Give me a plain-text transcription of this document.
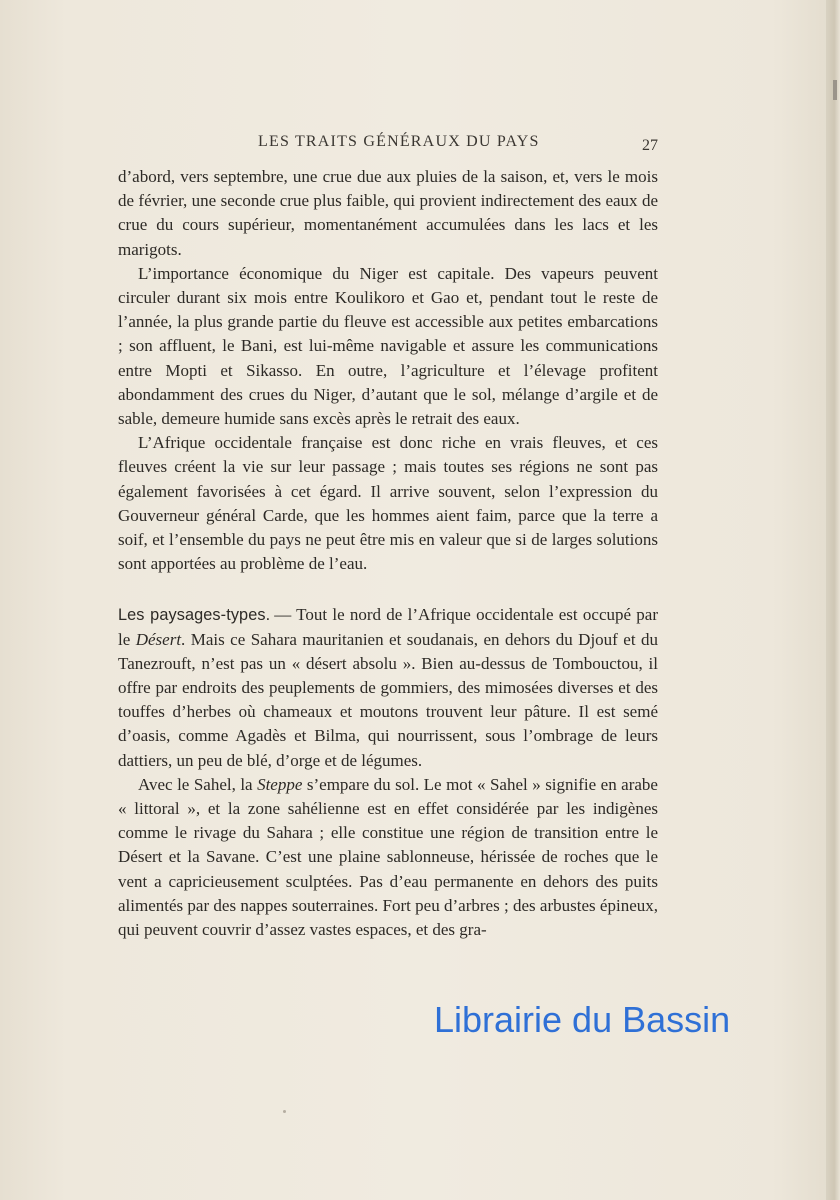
LES TRAITS GÉNÉRAUX DU PAYS	27

d’abord, vers septembre, une crue due aux pluies de la saison, et, vers le mois de février, une seconde crue plus faible, qui provient indirectement des eaux de crue du cours supérieur, momentanément accumulées dans les lacs et les marigots.

L’importance économique du Niger est capitale. Des vapeurs peuvent circuler durant six mois entre Koulikoro et Gao et, pendant tout le reste de l’année, la plus grande partie du fleuve est accessible aux petites embarcations ; son affluent, le Bani, est lui-même navigable et assure les communications entre Mopti et Sikasso. En outre, l’agriculture et l’élevage profitent abondamment des crues du Niger, d’autant que le sol, mélange d’argile et de sable, demeure humide sans excès après le retrait des eaux.

L’Afrique occidentale française est donc riche en vrais fleuves, et ces fleuves créent la vie sur leur passage ; mais toutes ses régions ne sont pas également favorisées à cet égard. Il arrive souvent, selon l’expression du Gouverneur général Carde, que les hommes aient faim, parce que la terre a soif, et l’ensemble du pays ne peut être mis en valeur que si de larges solutions sont apportées au problème de l’eau.

Les paysages-types. — Tout le nord de l’Afrique occidentale est occupé par le Désert. Mais ce Sahara mauritanien et soudanais, en dehors du Djouf et du Tanezrouft, n’est pas un « désert absolu ». Bien au-dessus de Tombouctou, il offre par endroits des peuplements de gommiers, des mimosées diverses et des touffes d’herbes où chameaux et moutons trouvent leur pâture. Il est semé d’oasis, comme Agadès et Bilma, qui nourrissent, sous l’ombrage de leurs dattiers, un peu de blé, d’orge et de légumes.

Avec le Sahel, la Steppe s’empare du sol. Le mot « Sahel » signifie en arabe « littoral », et la zone sahélienne est en effet considérée par les indigènes comme le rivage du Sahara ; elle constitue une région de transition entre le Désert et la Savane. C’est une plaine sablonneuse, hérissée de roches que le vent a capricieusement sculptées. Pas d’eau permanente en dehors des puits alimentés par des nappes souterraines. Fort peu d’arbres ; des arbustes épineux, qui peuvent couvrir d’assez vastes espaces, et des gra-

Librairie du Bassin
